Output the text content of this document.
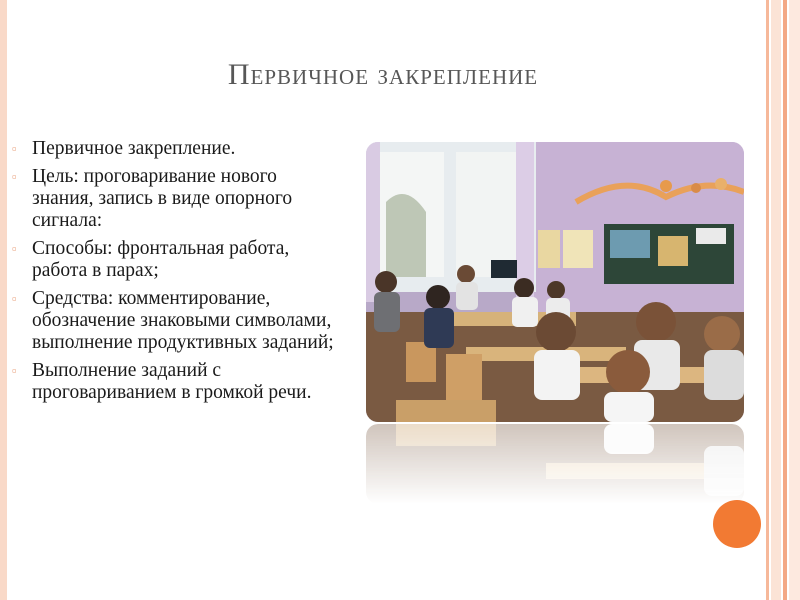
Первичное закрепление
▫ Первичное закрепление.
▫ Цель: проговаривание нового знания, запись в виде опорного сигнала:
▫ Способы: фронтальная работа, работа в парах;
▫ Средства: комментирование, обозначение знаковыми символами, выполнение продуктивных заданий;
▫ Выполнение заданий с проговариванием в громкой речи.
